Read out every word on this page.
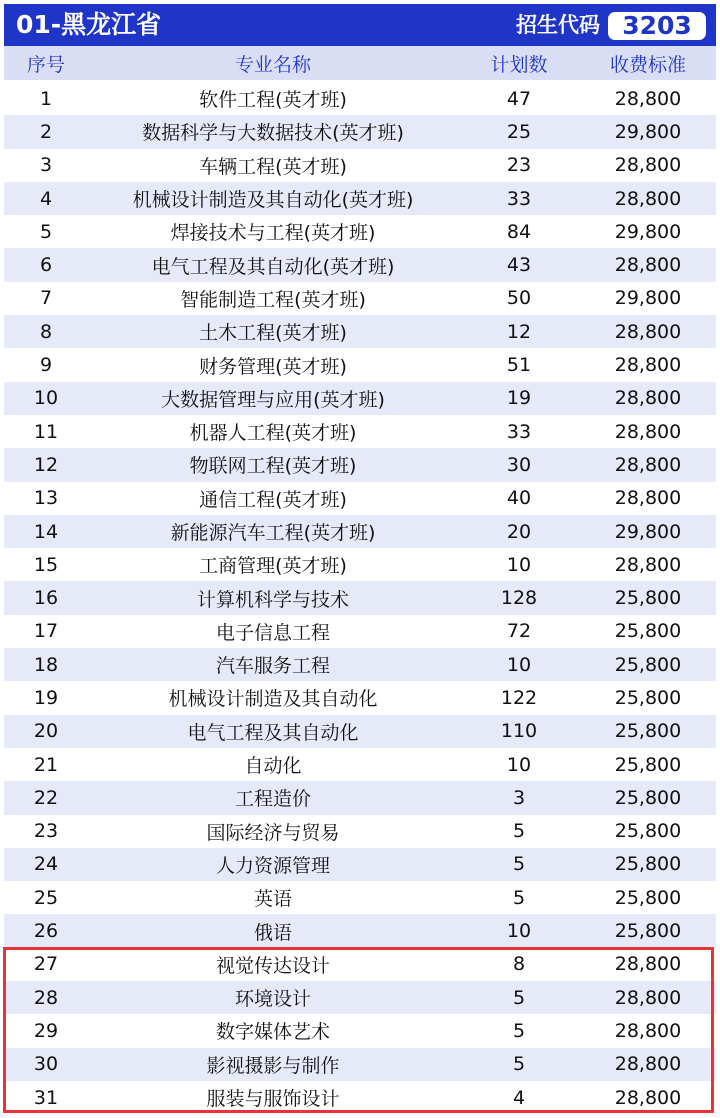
01-黑龙江省	招生代码 3203
序号	专业名称	计划数	收费标准
1	软件工程(英才班)	47	28,800
2	数据科学与大数据技术(英才班)	25	29,800
3	车辆工程(英才班)	23	28,800
4	机械设计制造及其自动化(英才班)	33	28,800
5	焊接技术与工程(英才班)	84	29,800
6	电气工程及其自动化(英才班)	43	28,800
7	智能制造工程(英才班)	50	29,800
8	土木工程(英才班)	12	28,800
9	财务管理(英才班)	51	28,800
10	大数据管理与应用(英才班)	19	28,800
11	机器人工程(英才班)	33	28,800
12	物联网工程(英才班)	30	28,800
13	通信工程(英才班)	40	28,800
14	新能源汽车工程(英才班)	20	29,800
15	工商管理(英才班)	10	28,800
16	计算机科学与技术	128	25,800
17	电子信息工程	72	25,800
18	汽车服务工程	10	25,800
19	机械设计制造及其自动化	122	25,800
20	电气工程及其自动化	110	25,800
21	自动化	10	25,800
22	工程造价	3	25,800
23	国际经济与贸易	5	25,800
24	人力资源管理	5	25,800
25	英语	5	25,800
26	俄语	10	25,800
27	视觉传达设计	8	28,800
28	环境设计	5	28,800
29	数字媒体艺术	5	28,800
30	影视摄影与制作	5	28,800
31	服装与服饰设计	4	28,800
